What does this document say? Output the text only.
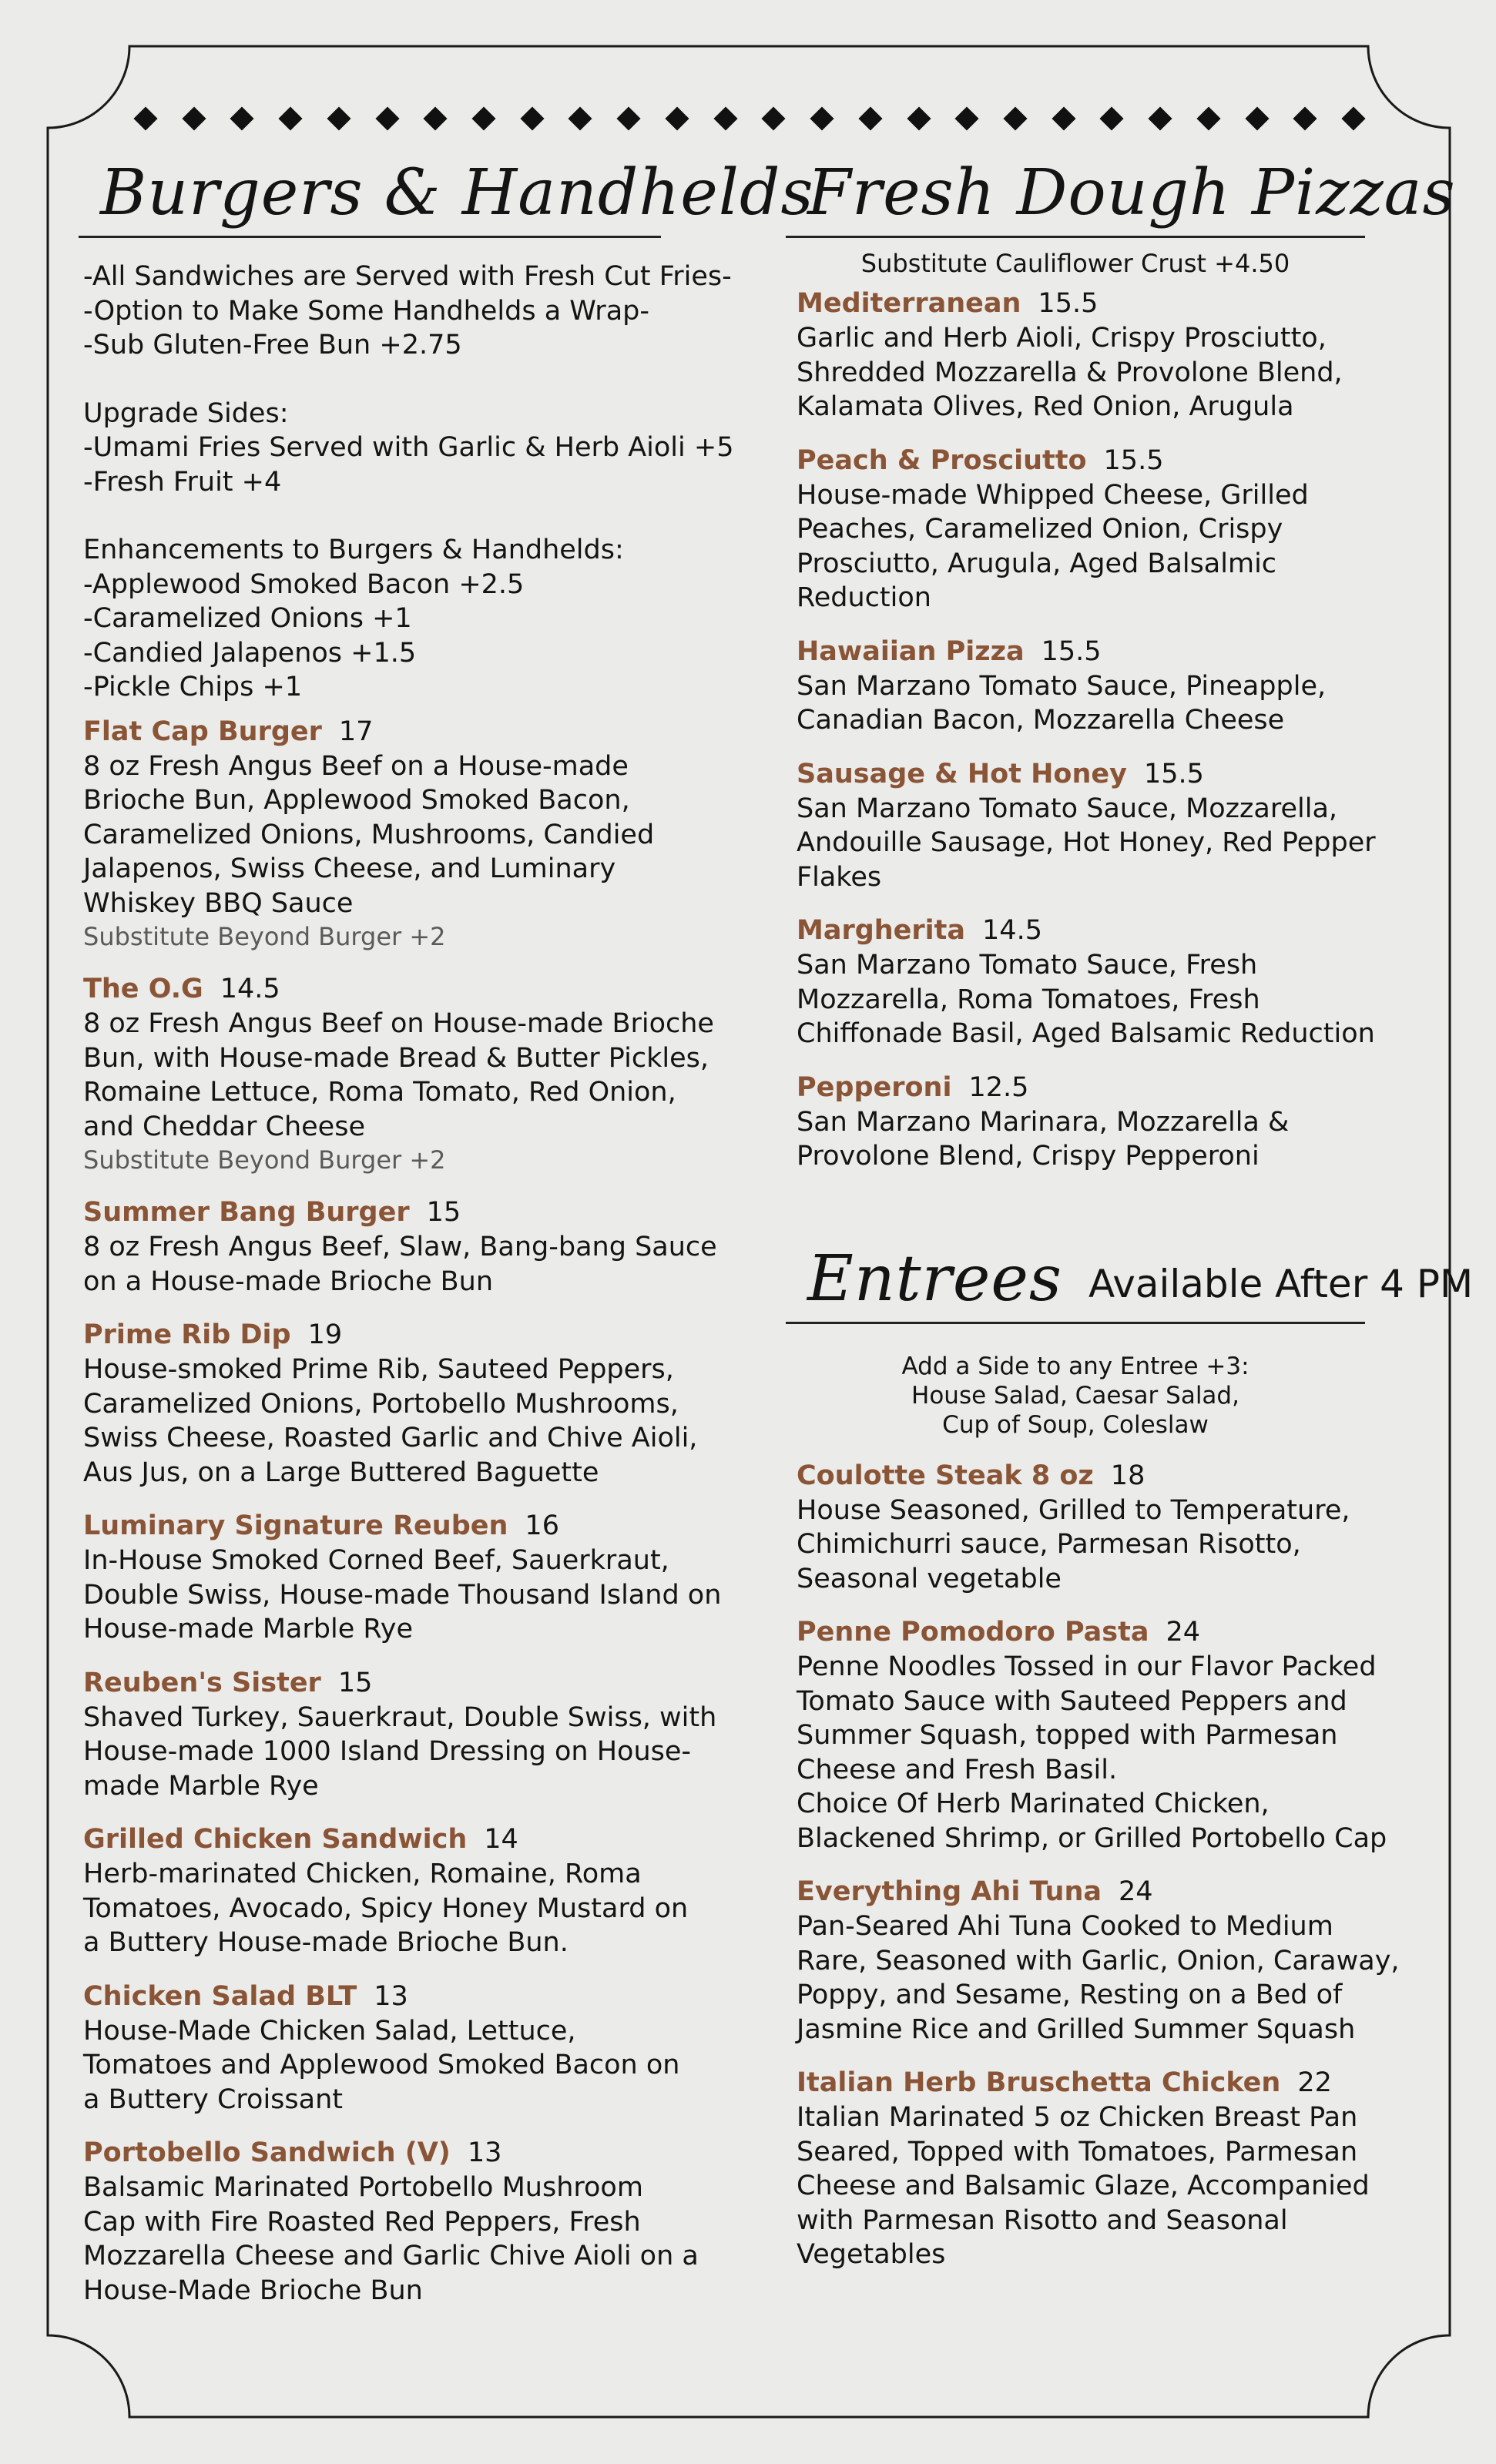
Burgers & Handhelds
-All Sandwiches are Served with Fresh Cut Fries-
-Option to Make Some Handhelds a Wrap-
-Sub Gluten-Free Bun +2.75
Upgrade Sides:
-Umami Fries Served with Garlic & Herb Aioli +5
-Fresh Fruit +4
Enhancements to Burgers & Handhelds:
-Applewood Smoked Bacon +2.5
-Caramelized Onions +1
-Candied Jalapenos +1.5
-Pickle Chips +1
Flat Cap Burger 17
8 oz Fresh Angus Beef on a House-made
Brioche Bun, Applewood Smoked Bacon,
Caramelized Onions, Mushrooms, Candied
Jalapenos, Swiss Cheese, and Luminary
Whiskey BBQ Sauce
Substitute Beyond Burger +2
The O.G 14.5
8 oz Fresh Angus Beef on House-made Brioche
Bun, with House-made Bread & Butter Pickles,
Romaine Lettuce, Roma Tomato, Red Onion,
and Cheddar Cheese
Substitute Beyond Burger +2
Summer Bang Burger 15
8 oz Fresh Angus Beef, Slaw, Bang-bang Sauce
on a House-made Brioche Bun
Prime Rib Dip 19
House-smoked Prime Rib, Sauteed Peppers,
Caramelized Onions, Portobello Mushrooms,
Swiss Cheese, Roasted Garlic and Chive Aioli,
Aus Jus, on a Large Buttered Baguette
Luminary Signature Reuben 16
In-House Smoked Corned Beef, Sauerkraut,
Double Swiss, House-made Thousand Island on
House-made Marble Rye
Reuben's Sister 15
Shaved Turkey, Sauerkraut, Double Swiss, with
House-made 1000 Island Dressing on House-
made Marble Rye
Grilled Chicken Sandwich 14
Herb-marinated Chicken, Romaine, Roma
Tomatoes, Avocado, Spicy Honey Mustard on
a Buttery House-made Brioche Bun.
Chicken Salad BLT 13
House-Made Chicken Salad, Lettuce,
Tomatoes and Applewood Smoked Bacon on
a Buttery Croissant
Portobello Sandwich (V) 13
Balsamic Marinated Portobello Mushroom
Cap with Fire Roasted Red Peppers, Fresh
Mozzarella Cheese and Garlic Chive Aioli on a
House-Made Brioche Bun
Fresh Dough Pizzas
Substitute Cauliflower Crust +4.50
Mediterranean 15.5
Garlic and Herb Aioli, Crispy Prosciutto,
Shredded Mozzarella & Provolone Blend,
Kalamata Olives, Red Onion, Arugula
Peach & Prosciutto 15.5
House-made Whipped Cheese, Grilled
Peaches, Caramelized Onion, Crispy
Prosciutto, Arugula, Aged Balsalmic
Reduction
Hawaiian Pizza 15.5
San Marzano Tomato Sauce, Pineapple,
Canadian Bacon, Mozzarella Cheese
Sausage & Hot Honey 15.5
San Marzano Tomato Sauce, Mozzarella,
Andouille Sausage, Hot Honey, Red Pepper
Flakes
Margherita 14.5
San Marzano Tomato Sauce, Fresh
Mozzarella, Roma Tomatoes, Fresh
Chiffonade Basil, Aged Balsamic Reduction
Pepperoni 12.5
San Marzano Marinara, Mozzarella &
Provolone Blend, Crispy Pepperoni
Entrees Available After 4 PM
Add a Side to any Entree +3:
House Salad, Caesar Salad,
Cup of Soup, Coleslaw
Coulotte Steak 8 oz 18
House Seasoned, Grilled to Temperature,
Chimichurri sauce, Parmesan Risotto,
Seasonal vegetable
Penne Pomodoro Pasta 24
Penne Noodles Tossed in our Flavor Packed
Tomato Sauce with Sauteed Peppers and
Summer Squash, topped with Parmesan
Cheese and Fresh Basil.
Choice Of Herb Marinated Chicken,
Blackened Shrimp, or Grilled Portobello Cap
Everything Ahi Tuna 24
Pan-Seared Ahi Tuna Cooked to Medium
Rare, Seasoned with Garlic, Onion, Caraway,
Poppy, and Sesame, Resting on a Bed of
Jasmine Rice and Grilled Summer Squash
Italian Herb Bruschetta Chicken 22
Italian Marinated 5 oz Chicken Breast Pan
Seared, Topped with Tomatoes, Parmesan
Cheese and Balsamic Glaze, Accompanied
with Parmesan Risotto and Seasonal
Vegetables
